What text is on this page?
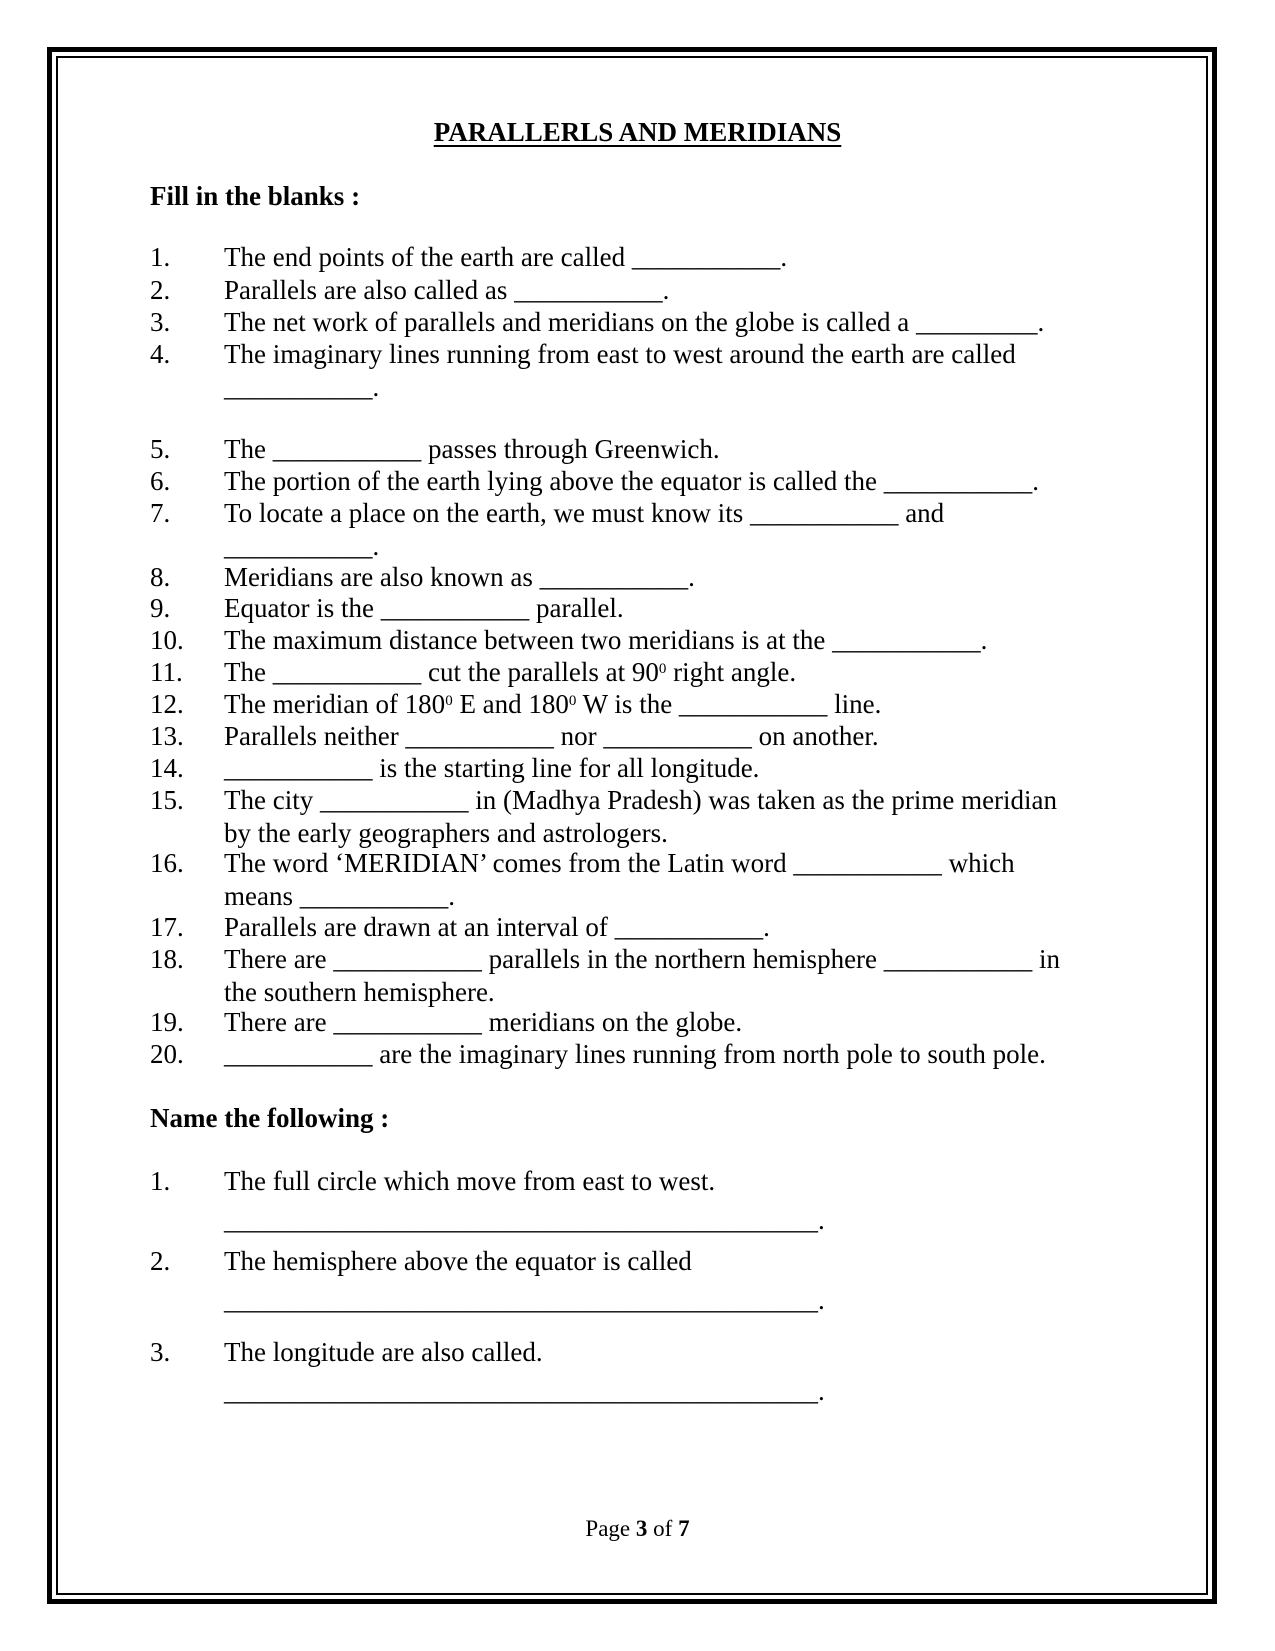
PARALLERLS AND MERIDIANS
Fill in the blanks :
1.	The end points of the earth are called ___________.
2.	Parallels are also called as ___________.
3.	The net work of parallels and meridians on the globe is called a _________.
4.	The imaginary lines running from east to west around the earth are called
___________.
5.	The ___________ passes through Greenwich.
6.	The portion of the earth lying above the equator is called the ___________.
7.	To locate a place on the earth, we must know its ___________ and
___________.
8.	Meridians are also known as ___________.
9.	Equator is the ___________ parallel.
10.	The maximum distance between two meridians is at the ___________.
11.	The ___________ cut the parallels at $90^0$ right angle.
12.	The meridian of $180^0$ E and $180^0$ W is the ___________ line.
13.	Parallels neither ___________ nor ___________ on another.
14.	___________ is the starting line for all longitude.
15.	The city ___________ in (Madhya Pradesh) was taken as the prime meridian
by the early geographers and astrologers.
16.	The word ‘MERIDIAN’ comes from the Latin word ___________ which
means ___________.
17.	Parallels are drawn at an interval of ___________.
18.	There are ___________ parallels in the northern hemisphere ___________ in
the southern hemisphere.
19.	There are ___________ meridians on the globe.
20.	___________ are the imaginary lines running from north pole to south pole.
Name the following :
1.	The full circle which move from east to west.
____________________________________________.
2.	The hemisphere above the equator is called
____________________________________________.
3.	The longitude are also called.
____________________________________________.
Page 3 of 7
